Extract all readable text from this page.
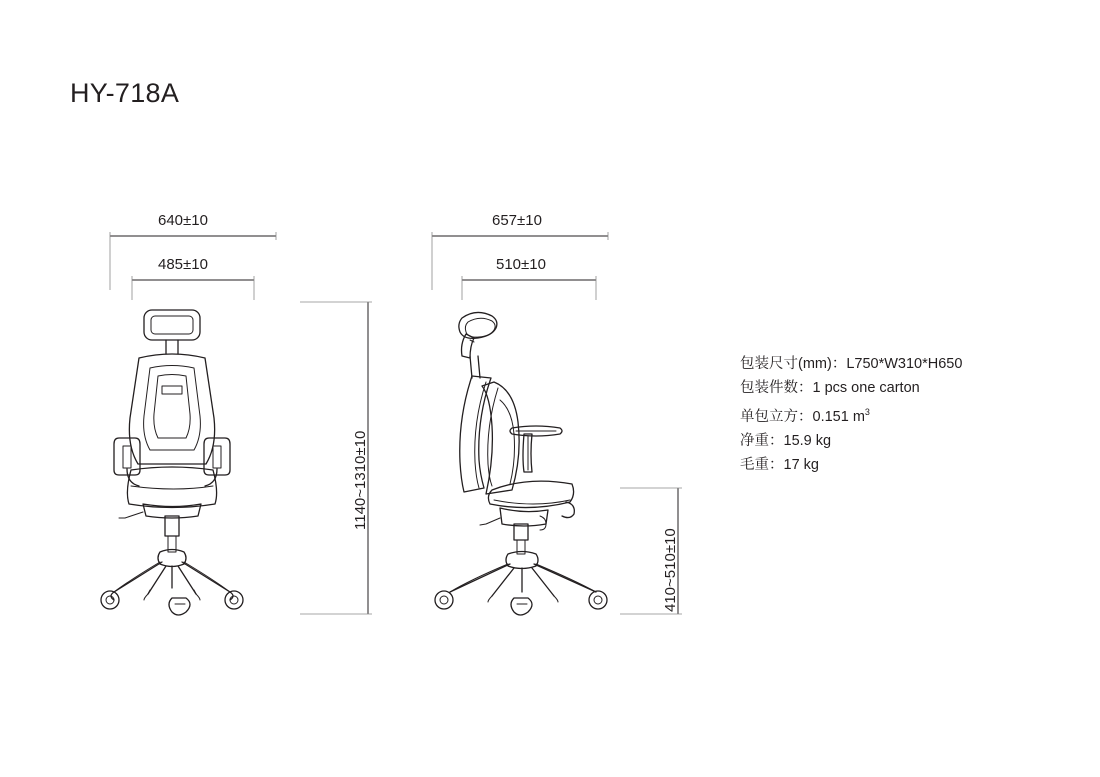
HY-718A
640±10
485±10
1140~1310±10
657±10
510±10
410~510±10
包装尺寸(mm)：L750*W310*H650
包装件数：1 pcs one carton
单包立方：0.151 $m^3$
净重：15.9 kg
毛重：17 kg
